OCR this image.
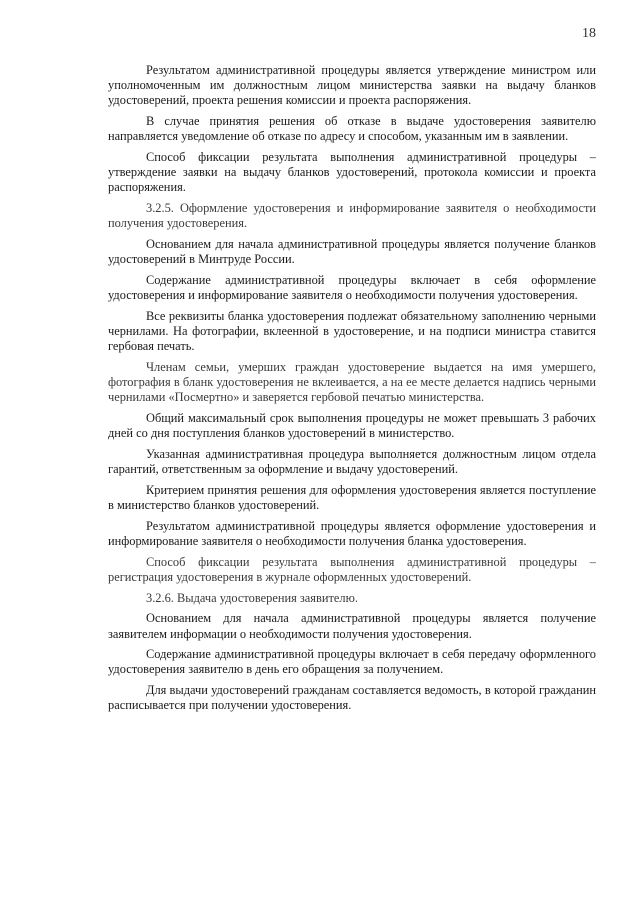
18

Результатом административной процедуры является утверждение министром или уполномоченным им должностным лицом министерства заявки на выдачу бланков удостоверений, проекта решения комиссии и проекта распоряжения.

В случае принятия решения об отказе в выдаче удостоверения заявителю направляется уведомление об отказе по адресу и способом, указанным им в заявлении.

Способ фиксации результата выполнения административной процедуры – утверждение заявки на выдачу бланков удостоверений, протокола комиссии и проекта распоряжения.

3.2.5. Оформление удостоверения и информирование заявителя о необходимости получения удостоверения.

Основанием для начала административной процедуры является получение бланков удостоверений в Минтруде России.

Содержание административной процедуры включает в себя оформление удостоверения и информирование заявителя о необходимости получения удостоверения.

Все реквизиты бланка удостоверения подлежат обязательному заполнению черными чернилами. На фотографии, вклеенной в удостоверение, и на подписи министра ставится гербовая печать.

Членам семьи, умерших граждан удостоверение выдается на имя умершего, фотография в бланк удостоверения не вклеивается, а на ее месте делается надпись черными чернилами «Посмертно» и заверяется гербовой печатью министерства.

Общий максимальный срок выполнения процедуры не может превышать 3 рабочих дней со дня поступления бланков удостоверений в министерство.

Указанная административная процедура выполняется должностным лицом отдела гарантий, ответственным за оформление и выдачу удостоверений.

Критерием принятия решения для оформления удостоверения является поступление в министерство бланков удостоверений.

Результатом административной процедуры является оформление удостоверения и информирование заявителя о необходимости получения бланка удостоверения.

Способ фиксации результата выполнения административной процедуры – регистрация удостоверения в журнале оформленных удостоверений.

3.2.6. Выдача удостоверения заявителю.

Основанием для начала административной процедуры является получение заявителем информации о необходимости получения удостоверения.

Содержание административной процедуры включает в себя передачу оформленного удостоверения заявителю в день его обращения за получением.

Для выдачи удостоверений гражданам составляется ведомость, в которой гражданин расписывается при получении удостоверения.
